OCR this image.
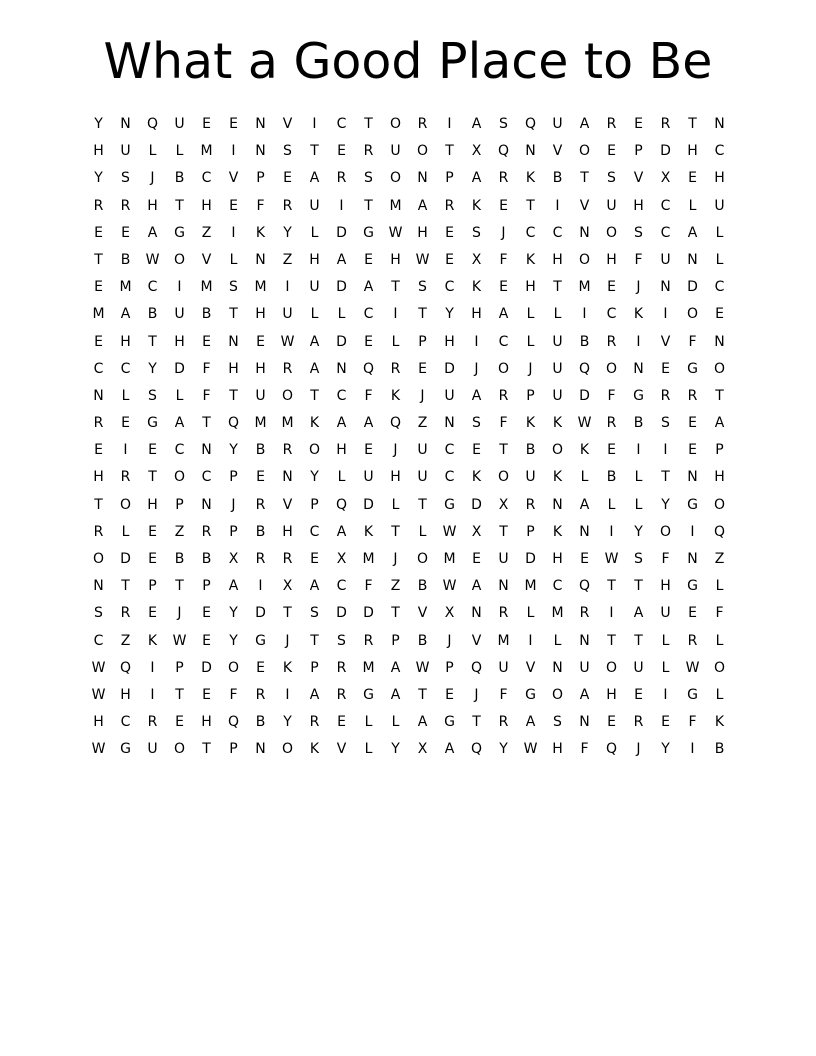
What a Good Place to Be
Y	N	Q	U	E	E	N	V	I	C	T	O	R	I	A	S	Q	U	A	R	E	R	T	N
H	U	L	L	M	I	N	S	T	E	R	U	O	T	X	Q	N	V	O	E	P	D	H	C
Y	S	J	B	C	V	P	E	A	R	S	O	N	P	A	R	K	B	T	S	V	X	E	H
R	R	H	T	H	E	F	R	U	I	T	M	A	R	K	E	T	I	V	U	H	C	L	U
E	E	A	G	Z	I	K	Y	L	D	G	W	H	E	S	J	C	C	N	O	S	C	A	L
T	B	W	O	V	L	N	Z	H	A	E	H	W	E	X	F	K	H	O	H	F	U	N	L
E	M	C	I	M	S	M	I	U	D	A	T	S	C	K	E	H	T	M	E	J	N	D	C
M	A	B	U	B	T	H	U	L	L	C	I	T	Y	H	A	L	L	I	C	K	I	O	E
E	H	T	H	E	N	E	W	A	D	E	L	P	H	I	C	L	U	B	R	I	V	F	N
C	C	Y	D	F	H	H	R	A	N	Q	R	E	D	J	O	J	U	Q	O	N	E	G	O
N	L	S	L	F	T	U	O	T	C	F	K	J	U	A	R	P	U	D	F	G	R	R	T
R	E	G	A	T	Q	M	M	K	A	A	Q	Z	N	S	F	K	K	W	R	B	S	E	A
E	I	E	C	N	Y	B	R	O	H	E	J	U	C	E	T	B	O	K	E	I	I	E	P
H	R	T	O	C	P	E	N	Y	L	U	H	U	C	K	O	U	K	L	B	L	T	N	H
T	O	H	P	N	J	R	V	P	Q	D	L	T	G	D	X	R	N	A	L	L	Y	G	O
R	L	E	Z	R	P	B	H	C	A	K	T	L	W	X	T	P	K	N	I	Y	O	I	Q
O	D	E	B	B	X	R	R	E	X	M	J	O	M	E	U	D	H	E	W	S	F	N	Z
N	T	P	T	P	A	I	X	A	C	F	Z	B	W	A	N	M	C	Q	T	T	H	G	L
S	R	E	J	E	Y	D	T	S	D	D	T	V	X	N	R	L	M	R	I	A	U	E	F
C	Z	K	W	E	Y	G	J	T	S	R	P	B	J	V	M	I	L	N	T	T	L	R	L
W	Q	I	P	D	O	E	K	P	R	M	A	W	P	Q	U	V	N	U	O	U	L	W	O
W	H	I	T	E	F	R	I	A	R	G	A	T	E	J	F	G	O	A	H	E	I	G	L
H	C	R	E	H	Q	B	Y	R	E	L	L	A	G	T	R	A	S	N	E	R	E	F	K
W	G	U	O	T	P	N	O	K	V	L	Y	X	A	Q	Y	W	H	F	Q	J	Y	I	B
